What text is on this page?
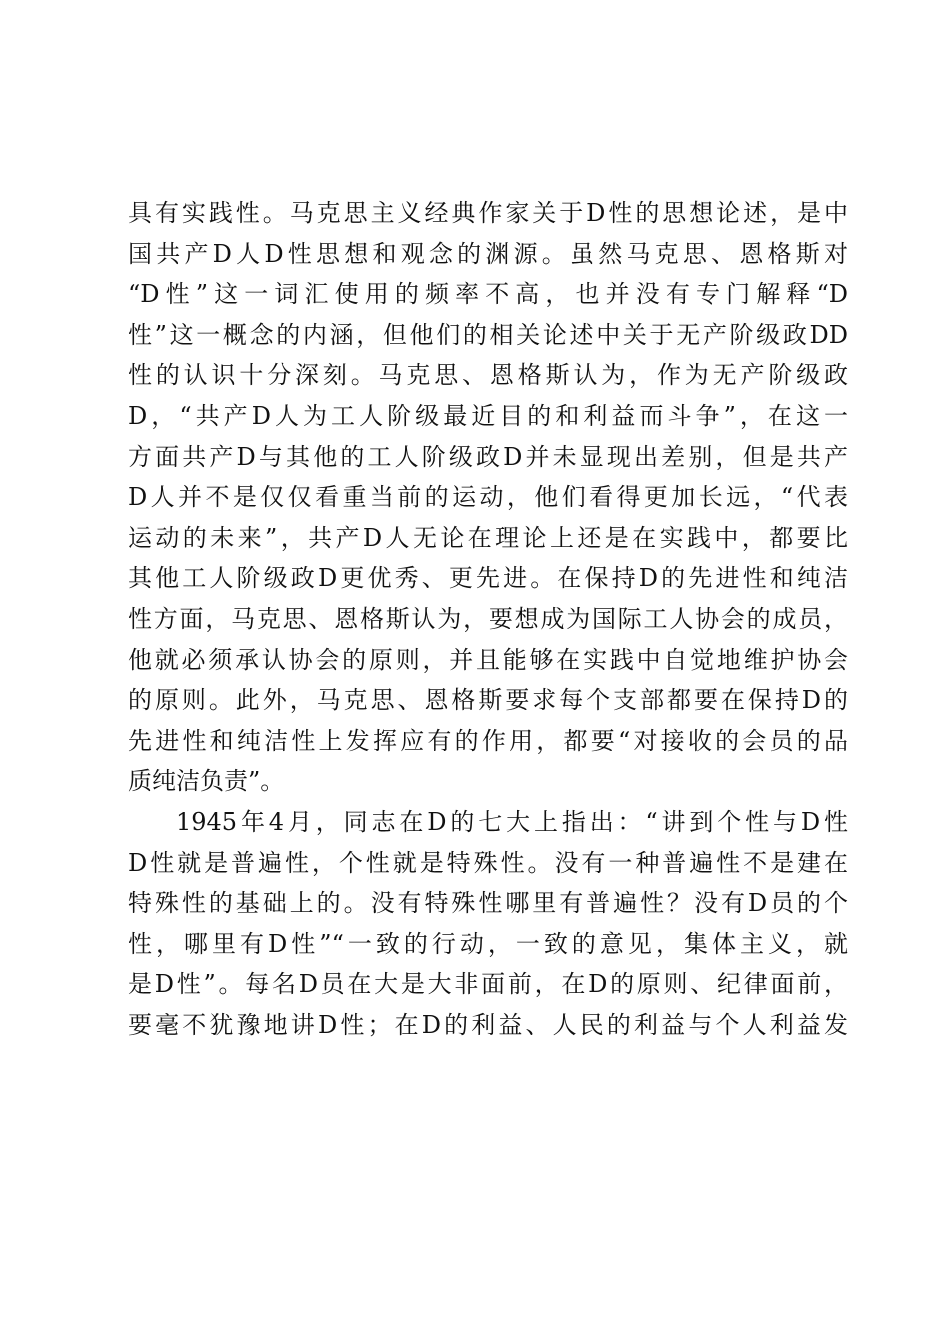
具有实践性。马克思主义经典作家关于D性的思想论述，是中
国共产D人D性思想和观念的渊源。虽然马克思、恩格斯对
“D性”这一词汇使用的频率不高，也并没有专门解释“D
性”这一概念的内涵，但他们的相关论述中关于无产阶级政DD
性的认识十分深刻。马克思、恩格斯认为，作为无产阶级政
D，“共产D人为工人阶级最近目的和利益而斗争”，在这一
方面共产D与其他的工人阶级政D并未显现出差别，但是共产
D人并不是仅仅看重当前的运动，他们看得更加长远，“代表
运动的未来”，共产D人无论在理论上还是在实践中，都要比
其他工人阶级政D更优秀、更先进。在保持D的先进性和纯洁
性方面，马克思、恩格斯认为，要想成为国际工人协会的成员，
他就必须承认协会的原则，并且能够在实践中自觉地维护协会
的原则。此外，马克思、恩格斯要求每个支部都要在保持D的
先进性和纯洁性上发挥应有的作用，都要“对接收的会员的品
质纯洁负责”。
1945年4月，同志在D的七大上指出：“讲到个性与D性
D性就是普遍性，个性就是特殊性。没有一种普遍性不是建在
特殊性的基础上的。没有特殊性哪里有普遍性？没有D员的个
性，哪里有D性”“一致的行动，一致的意见，集体主义，就
是D性”。每名D员在大是大非面前，在D的原则、纪律面前，
要毫不犹豫地讲D性；在D的利益、人民的利益与个人利益发
